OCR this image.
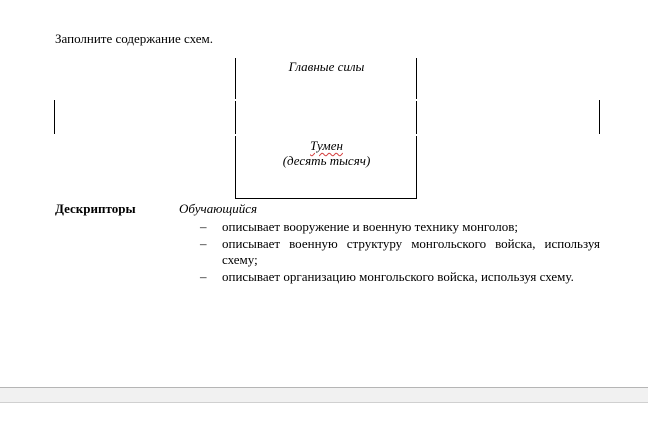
Заполните содержание схем.
Главные силы
Тумен
(десять тысяч)
Дескрипторы	Обучающийся
– описывает вооружение и военную технику монголов;
– описывает военную структуру монгольского войска, используя схему;
– описывает организацию монгольского войска, используя схему.
